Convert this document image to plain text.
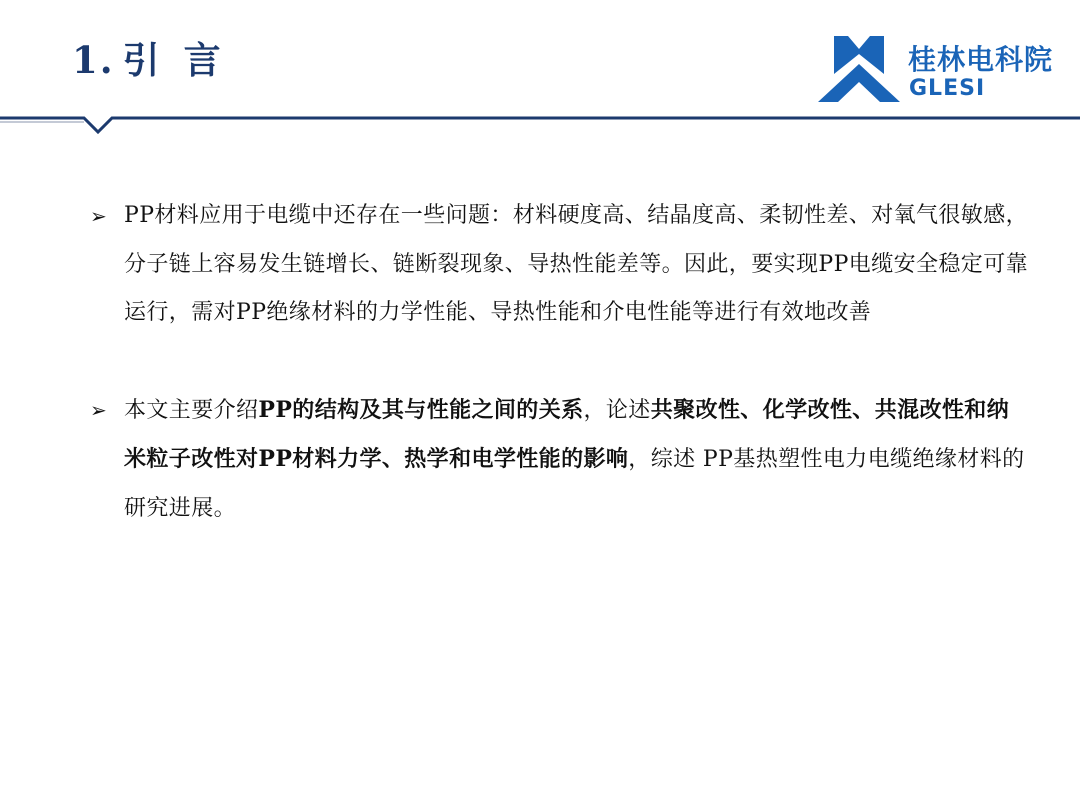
1. 引 言	桂林电科院
GLESI
➢ PP材料应用于电缆中还存在一些问题：材料硬度高、结晶度高、柔韧性差、对氧气很敏感，分子链上容易发生链增长、链断裂现象、导热性能差等。因此，要实现PP电缆安全稳定可靠运行，需对PP绝缘材料的力学性能、导热性能和介电性能等进行有效地改善
➢ 本文主要介绍PP的结构及其与性能之间的关系，论述共聚改性、化学改性、共混改性和纳米粒子改性对PP材料力学、热学和电学性能的影响，综述 PP基热塑性电力电缆绝缘材料的研究进展。
